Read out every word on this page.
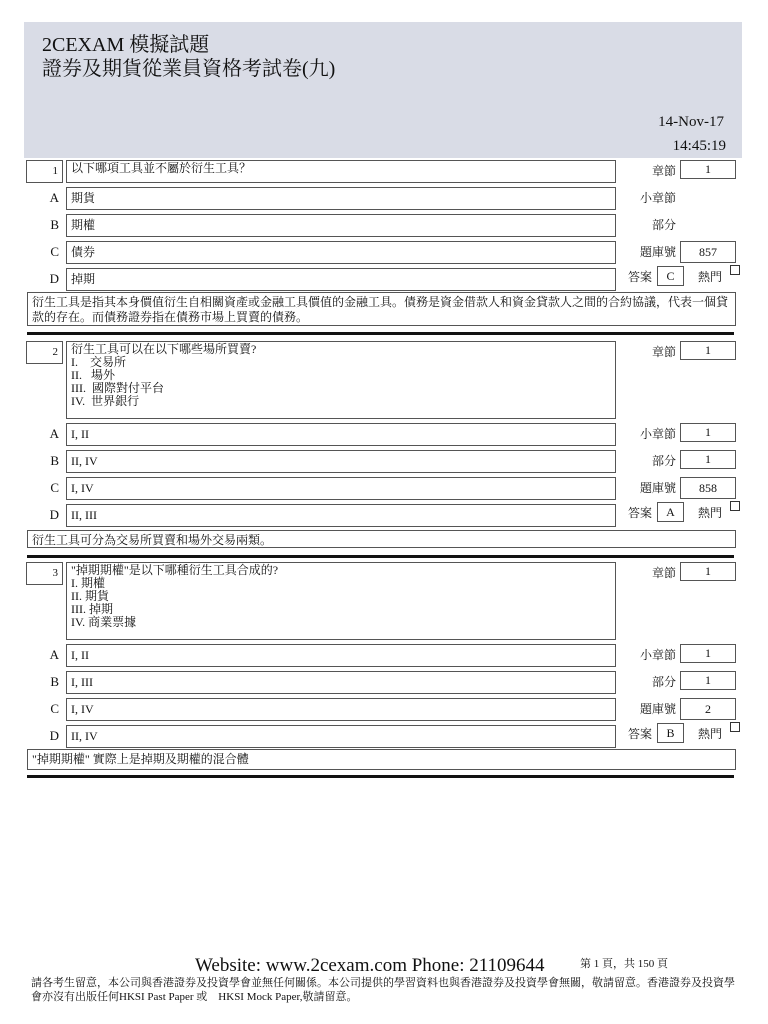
2CEXAM 模擬試題
證券及期貨從業員資格考試卷(九)
14-Nov-17
14:45:19
1	以下哪項工具並不屬於衍生工具？
A	期貨
B	期權
C	債券
D	掉期
章節	1
小章節
部分
題庫號	857
答案	C	熱門
衍生工具是指其本身價值衍生自相關資產或金融工具價值的金融工具。債務是資金借款人和資金貸款人之間的合約協議，代表一個貸款的存在。而債務證券指在債務市場上買賣的債務。
2	衍生工具可以在以下哪些場所買賣?
I.    交易所
II.   場外
III.  國際對付平台
IV.  世界銀行
A	I, II
B	II, IV
C	I, IV
D	II, III
章節	1
小章節	1
部分	1
題庫號	858
答案	A	熱門
衍生工具可分為交易所買賣和場外交易兩類。
3	"掉期期權"是以下哪種衍生工具合成的?
I. 期權
II. 期貨
III. 掉期
IV. 商業票據
A	I, II
B	I, III
C	I, IV
D	II, IV
章節	1
小章節	1
部分	1
題庫號	2
答案	B	熱門
"掉期期權" 實際上是掉期及期權的混合體
Website: www.2cexam.com Phone: 21109644	第 1 頁，共 150 頁
請各考生留意，本公司與香港證券及投資學會並無任何關係。本公司提供的學習資料也與香港證券及投資學會無關，敬請留意。香港證券及投資學會亦沒有出版任何HKSI Past Paper 或　HKSI Mock Paper,敬請留意。
